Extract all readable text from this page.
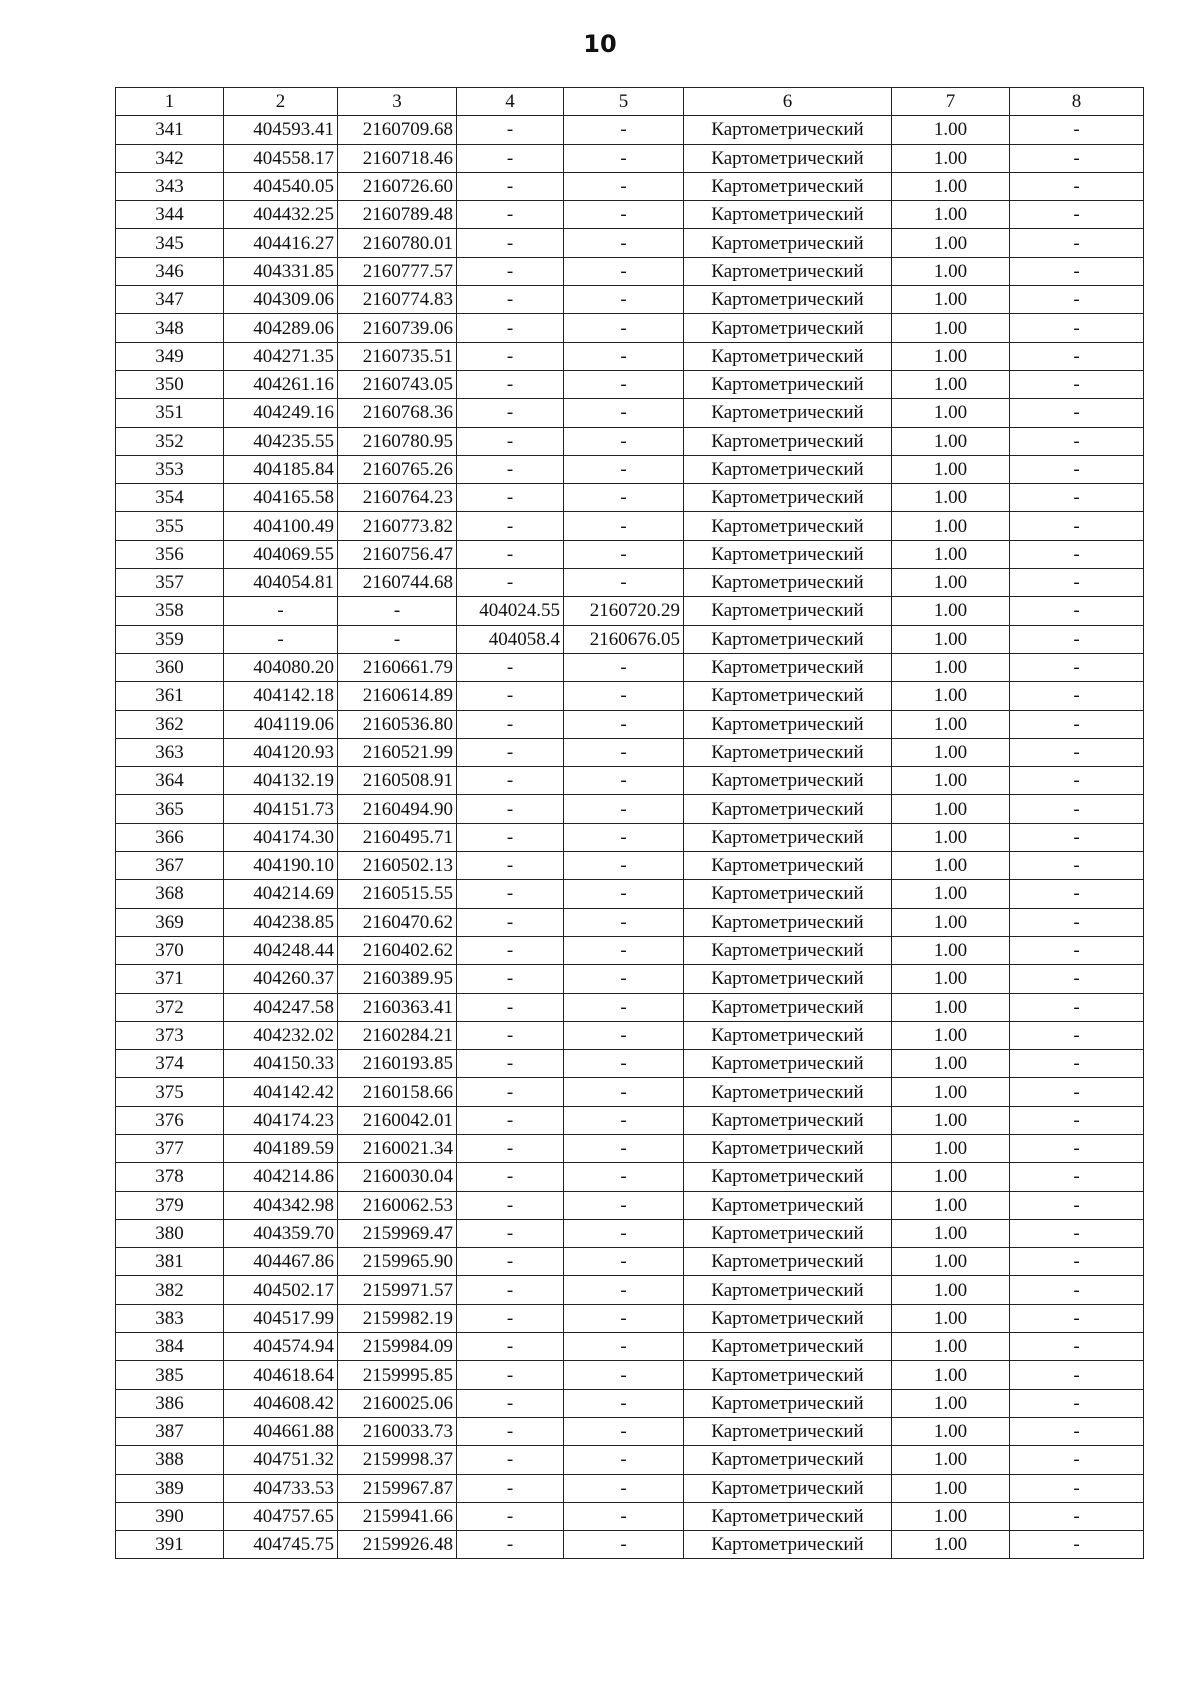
10
1	2	3	4	5	6	7	8
341	404593.41	2160709.68	-	-	Картометрический	1.00	-
342	404558.17	2160718.46	-	-	Картометрический	1.00	-
343	404540.05	2160726.60	-	-	Картометрический	1.00	-
344	404432.25	2160789.48	-	-	Картометрический	1.00	-
345	404416.27	2160780.01	-	-	Картометрический	1.00	-
346	404331.85	2160777.57	-	-	Картометрический	1.00	-
347	404309.06	2160774.83	-	-	Картометрический	1.00	-
348	404289.06	2160739.06	-	-	Картометрический	1.00	-
349	404271.35	2160735.51	-	-	Картометрический	1.00	-
350	404261.16	2160743.05	-	-	Картометрический	1.00	-
351	404249.16	2160768.36	-	-	Картометрический	1.00	-
352	404235.55	2160780.95	-	-	Картометрический	1.00	-
353	404185.84	2160765.26	-	-	Картометрический	1.00	-
354	404165.58	2160764.23	-	-	Картометрический	1.00	-
355	404100.49	2160773.82	-	-	Картометрический	1.00	-
356	404069.55	2160756.47	-	-	Картометрический	1.00	-
357	404054.81	2160744.68	-	-	Картометрический	1.00	-
358	-	-	404024.55	2160720.29	Картометрический	1.00	-
359	-	-	404058.4	2160676.05	Картометрический	1.00	-
360	404080.20	2160661.79	-	-	Картометрический	1.00	-
361	404142.18	2160614.89	-	-	Картометрический	1.00	-
362	404119.06	2160536.80	-	-	Картометрический	1.00	-
363	404120.93	2160521.99	-	-	Картометрический	1.00	-
364	404132.19	2160508.91	-	-	Картометрический	1.00	-
365	404151.73	2160494.90	-	-	Картометрический	1.00	-
366	404174.30	2160495.71	-	-	Картометрический	1.00	-
367	404190.10	2160502.13	-	-	Картометрический	1.00	-
368	404214.69	2160515.55	-	-	Картометрический	1.00	-
369	404238.85	2160470.62	-	-	Картометрический	1.00	-
370	404248.44	2160402.62	-	-	Картометрический	1.00	-
371	404260.37	2160389.95	-	-	Картометрический	1.00	-
372	404247.58	2160363.41	-	-	Картометрический	1.00	-
373	404232.02	2160284.21	-	-	Картометрический	1.00	-
374	404150.33	2160193.85	-	-	Картометрический	1.00	-
375	404142.42	2160158.66	-	-	Картометрический	1.00	-
376	404174.23	2160042.01	-	-	Картометрический	1.00	-
377	404189.59	2160021.34	-	-	Картометрический	1.00	-
378	404214.86	2160030.04	-	-	Картометрический	1.00	-
379	404342.98	2160062.53	-	-	Картометрический	1.00	-
380	404359.70	2159969.47	-	-	Картометрический	1.00	-
381	404467.86	2159965.90	-	-	Картометрический	1.00	-
382	404502.17	2159971.57	-	-	Картометрический	1.00	-
383	404517.99	2159982.19	-	-	Картометрический	1.00	-
384	404574.94	2159984.09	-	-	Картометрический	1.00	-
385	404618.64	2159995.85	-	-	Картометрический	1.00	-
386	404608.42	2160025.06	-	-	Картометрический	1.00	-
387	404661.88	2160033.73	-	-	Картометрический	1.00	-
388	404751.32	2159998.37	-	-	Картометрический	1.00	-
389	404733.53	2159967.87	-	-	Картометрический	1.00	-
390	404757.65	2159941.66	-	-	Картометрический	1.00	-
391	404745.75	2159926.48	-	-	Картометрический	1.00	-
